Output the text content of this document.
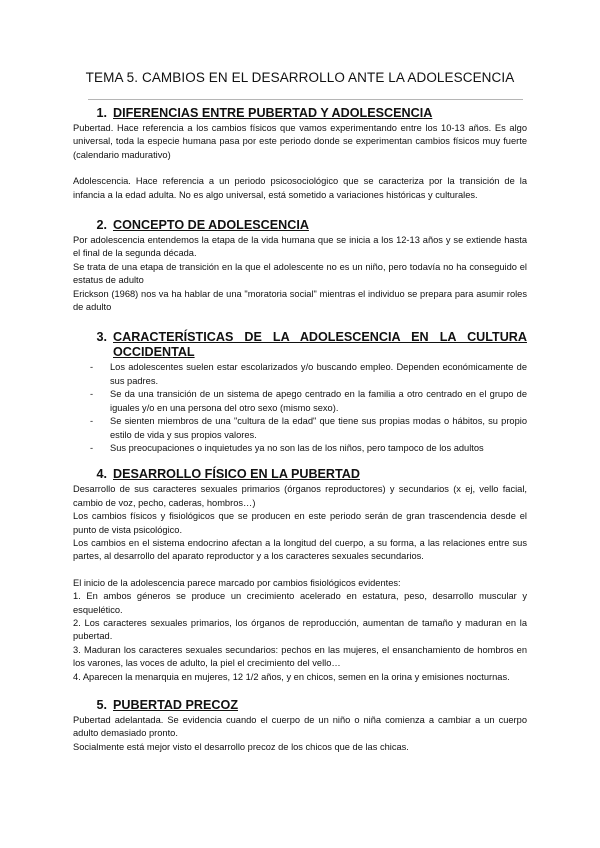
TEMA 5. CAMBIOS EN EL DESARROLLO ANTE LA ADOLESCENCIA
1. DIFERENCIAS ENTRE PUBERTAD Y ADOLESCENCIA

Pubertad. Hace referencia a los cambios físicos que vamos experimentando entre los 10-13 años. Es algo universal, toda la especie humana pasa por este periodo donde se experimentan cambios físicos muy fuerte (calendario madurativo)

Adolescencia. Hace referencia a un periodo psicosociológico que se caracteriza por la transición de la infancia a la edad adulta. No es algo universal, está sometido a variaciones históricas y culturales.

2. CONCEPTO DE ADOLESCENCIA

Por adolescencia entendemos la etapa de la vida humana que se inicia a los 12-13 años y se extiende hasta el final de la segunda década.

Se trata de una etapa de transición en la que el adolescente no es un niño, pero todavía no ha conseguido el estatus de adulto

Erickson (1968) nos va ha hablar de una "moratoria social" mientras el individuo se prepara para asumir roles de adulto

3. CARACTERÍSTICAS DE LA ADOLESCENCIA EN LA CULTURA OCCIDENTAL
- Los adolescentes suelen estar escolarizados y/o buscando empleo. Dependen económicamente de sus padres.
- Se da una transición de un sistema de apego centrado en la familia a otro centrado en el grupo de iguales y/o en una persona del otro sexo (mismo sexo).
- Se sienten miembros de una "cultura de la edad" que tiene sus propias modas o hábitos, su propio estilo de vida y sus propios valores.
- Sus preocupaciones o inquietudes ya no son las de los niños, pero tampoco de los adultos
4. DESARROLLO FÍSICO EN LA PUBERTAD

Desarrollo de sus caracteres sexuales primarios (órganos reproductores) y secundarios (x ej, vello facial, cambio de voz, pecho, caderas, hombros…)

Los cambios físicos y fisiológicos que se producen en este periodo serán de gran trascendencia desde el punto de vista psicológico.

Los cambios en el sistema endocrino afectan a la longitud del cuerpo, a su forma, a las relaciones entre sus partes, al desarrollo del aparato reproductor y a los caracteres sexuales secundarios.

El inicio de la adolescencia parece marcado por cambios fisiológicos evidentes:

1. En ambos géneros se produce un crecimiento acelerado en estatura, peso, desarrollo muscular y esquelético.

2. Los caracteres sexuales primarios, los órganos de reproducción, aumentan de tamaño y maduran en la pubertad.

3. Maduran los caracteres sexuales secundarios: pechos en las mujeres, el ensanchamiento de hombros en los varones, las voces de adulto, la piel el crecimiento del vello…

4. Aparecen la menarquia en mujeres, 12 1/2 años, y en chicos, semen en la orina y emisiones nocturnas.

5. PUBERTAD PRECOZ

Pubertad adelantada. Se evidencia cuando el cuerpo de un niño o niña comienza a cambiar a un cuerpo adulto demasiado pronto.

Socialmente está mejor visto el desarrollo precoz de los chicos que de las chicas.
